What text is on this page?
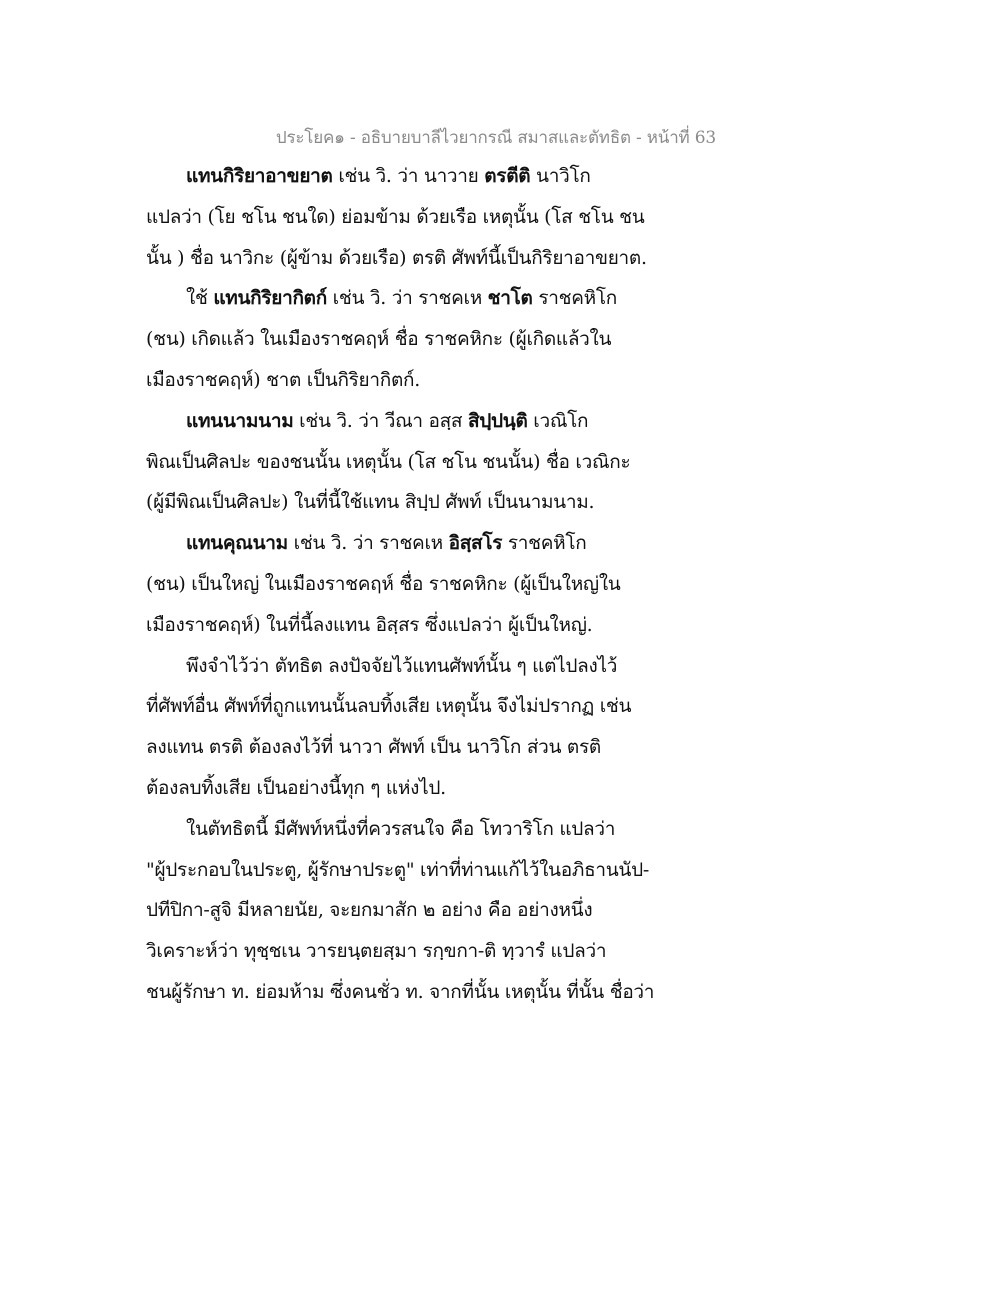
ประโยค๑ - อธิบายบาลีไวยากรณี สมาสและตัทธิต - หน้าที่ 63
แทนกิริยาอาขยาต เช่น วิ. ว่า นาวาย ตรตีติ นาวิโก
แปลว่า (โย ชโน ชนใด) ย่อมข้าม ด้วยเรือ เหตุนั้น (โส ชโน ชน
นั้น ) ชื่อ นาวิกะ (ผู้ข้าม ด้วยเรือ) ตรติ ศัพท์นี้เป็นกิริยาอาขยาต.
ใช้ แทนกิริยากิตก์ เช่น วิ. ว่า ราชคเห ชาโต ราชคหิโก
(ชน) เกิดแล้ว ในเมืองราชคฤห์ ชื่อ ราชคหิกะ (ผู้เกิดแล้วใน
เมืองราชคฤห์) ชาต เป็นกิริยากิตก์.
แทนนามนาม เช่น วิ. ว่า วีณา อสฺส สิปฺปนฺติ เวณิโก
พิณเป็นศิลปะ ของชนนั้น เหตุนั้น (โส ชโน ชนนั้น) ชื่อ เวณิกะ
(ผู้มีพิณเป็นศิลปะ) ในที่นี้ใช้แทน สิปฺป ศัพท์ เป็นนามนาม.
แทนคุณนาม เช่น วิ. ว่า ราชคเห อิสฺสโร ราชคหิโก
(ชน) เป็นใหญ่ ในเมืองราชคฤห์ ชื่อ ราชคหิกะ (ผู้เป็นใหญ่ใน
เมืองราชคฤห์) ในที่นี้ลงแทน อิสฺสร ซึ่งแปลว่า ผู้เป็นใหญ่.
พึงจำไว้ว่า ตัทธิต ลงปัจจัยไว้แทนศัพท์นั้น ๆ แต่ไปลงไว้
ที่ศัพท์อื่น ศัพท์ที่ถูกแทนนั้นลบทิ้งเสีย เหตุนั้น จึงไม่ปรากฏ เช่น
ลงแทน ตรติ ต้องลงไว้ที่ นาวา ศัพท์ เป็น นาวิโก ส่วน ตรติ
ต้องลบทิ้งเสีย เป็นอย่างนี้ทุก ๆ แห่งไป.
ในตัทธิตนี้ มีศัพท์หนึ่งที่ควรสนใจ คือ โทวาริโก แปลว่า
"ผู้ประกอบในประตู, ผู้รักษาประตู" เท่าที่ท่านแก้ไว้ในอภิธานนัป-
ปทีปิกา-สูจิ มีหลายนัย, จะยกมาสัก ๒ อย่าง คือ อย่างหนึ่ง
วิเคราะห์ว่า ทุชฺชเน วารยนฺตยสฺมา รกฺขกา-ติ ทฺวารํ แปลว่า
ชนผู้รักษา ท. ย่อมห้าม ซึ่งคนชั่ว ท. จากที่นั้น เหตุนั้น ที่นั้น ชื่อว่า
